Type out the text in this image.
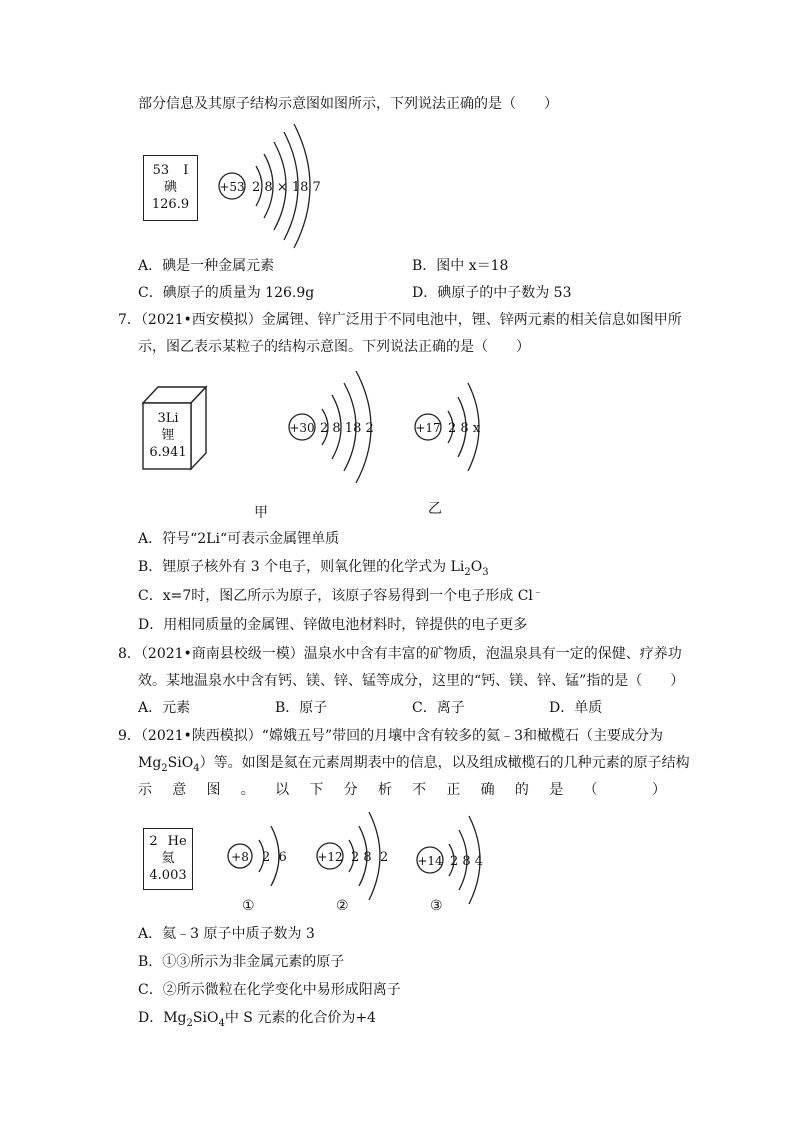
部分信息及其原子结构示意图如图所示，下列说法正确的是（　　）
53 I
碘
126.9
+53 2 8 × 18 7
A．碘是一种金属元素	B．图中 x＝18
C．碘原子的质量为 126.9g	D．碘原子的中子数为 53
7．（2021•西安模拟）金属锂、锌广泛用于不同电池中，锂、锌两元素的相关信息如图甲所
示，图乙表示某粒子的结构示意图。下列说法正确的是（　　）
3Li
锂
6.941
+30 2 8 18 2	+17 2 8 x
甲	乙
A．符号“2Li“可表示金属锂单质
B．锂原子核外有 3 个电子，则氧化锂的化学式为 $Li_2O_3$
C．x=7时，图乙所示为原子，该原子容易得到一个电子形成 Cl﹣
D．用相同质量的金属锂、锌做电池材料时，锌提供的电子更多
8．（2021•商南县校级一模）温泉水中含有丰富的矿物质，泡温泉具有一定的保健、疗养功
效。某地温泉水中含有钙、镁、锌、锰等成分，这里的“钙、镁、锌、锰”指的是（　　）
A．元素	B．原子	C．离子	D．单质
9．（2021•陕西模拟）“嫦娥五号”带回的月壤中含有较多的氦﹣3和橄榄石（主要成分为
$Mg_2SiO_4$）等。如图是氦在元素周期表中的信息，以及组成橄榄石的几种元素的原子结构
示 意 图 。 以 下 分 析 不 正 确 的 是 （
　	）
2 He
氦
4.003
+8 2  6
①
+12 2 8  2
②
+14 2 8 4
③
A．氦﹣3 原子中质子数为 3
B．①③所示为非金属元素的原子
C．②所示微粒在化学变化中易形成阳离子
D．$Mg_2SiO_4$中 S 元素的化合价为+4
